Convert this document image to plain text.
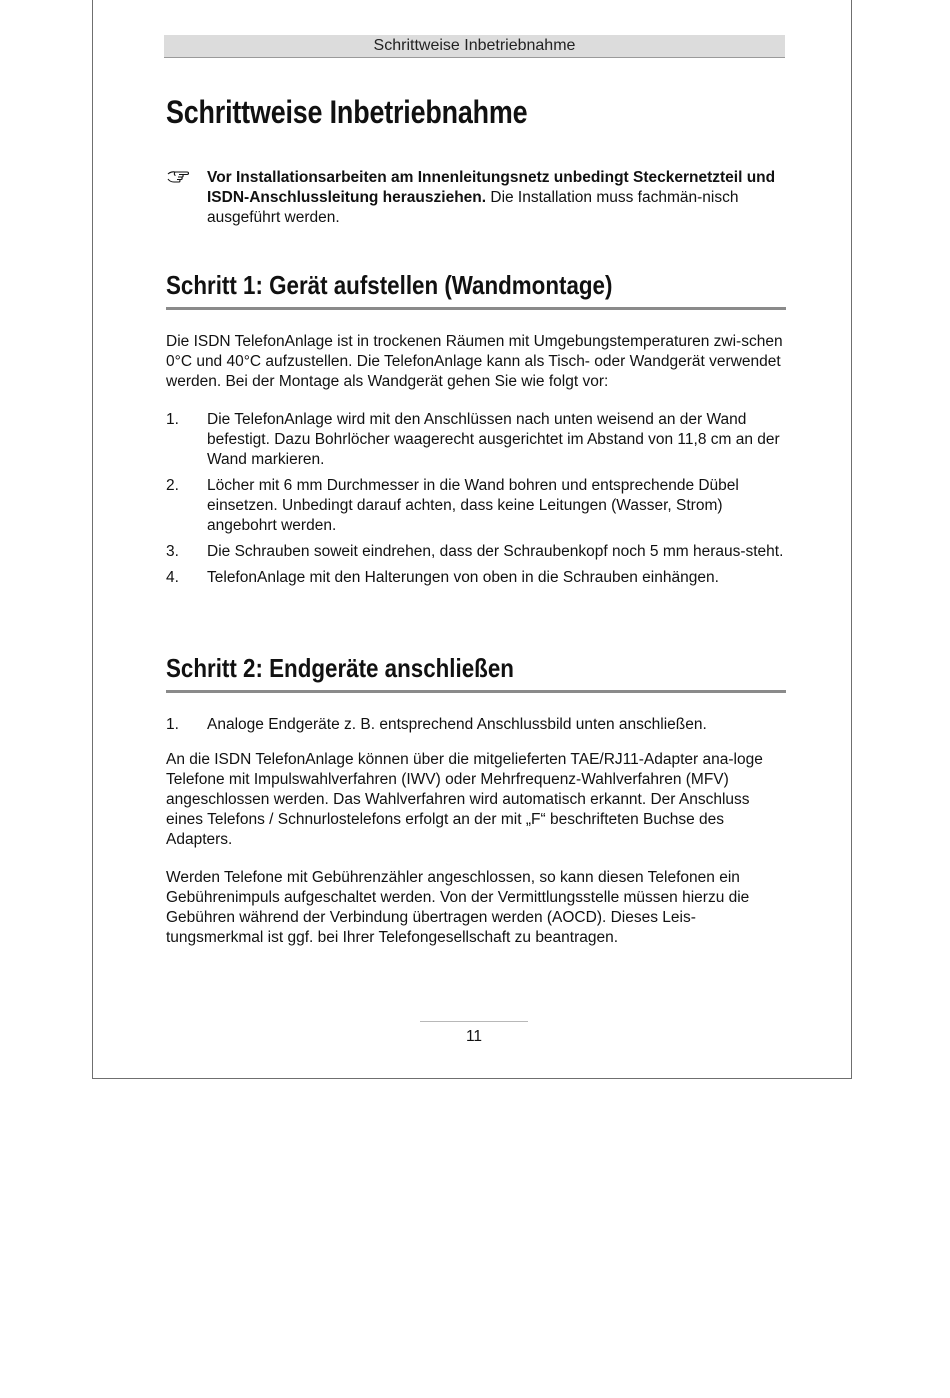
Schrittweise Inbetriebnahme
Schrittweise Inbetriebnahme
Vor Installationsarbeiten am Innenleitungsnetz unbedingt Steckernetzteil und ISDN-Anschlussleitung herausziehen. Die Installation muss fachmän-nisch ausgeführt werden.
Schritt 1: Gerät aufstellen (Wandmontage)

Die ISDN TelefonAnlage ist in trockenen Räumen mit Umgebungstemperaturen zwi-schen 0°C und 40°C aufzustellen. Die TelefonAnlage kann als Tisch- oder Wandgerät verwendet werden. Bei der Montage als Wandgerät gehen Sie wie folgt vor:

1. Die TelefonAnlage wird mit den Anschlüssen nach unten weisend an der Wand befestigt. Dazu Bohrlöcher waagerecht ausgerichtet im Abstand von 11,8 cm an der Wand markieren.
2. Löcher mit 6 mm Durchmesser in die Wand bohren und entsprechende Dübel einsetzen. Unbedingt darauf achten, dass keine Leitungen (Wasser, Strom) angebohrt werden.
3. Die Schrauben soweit eindrehen, dass der Schraubenkopf noch 5 mm heraus-steht.
4. TelefonAnlage mit den Halterungen von oben in die Schrauben einhängen.
Schritt 2: Endgeräte anschließen
1. Analoge Endgeräte z. B. entsprechend Anschlussbild unten anschließen.

An die ISDN TelefonAnlage können über die mitgelieferten TAE/RJ11-Adapter ana-loge Telefone mit Impulswahlverfahren (IWV) oder Mehrfrequenz-Wahlverfahren (MFV) angeschlossen werden. Das Wahlverfahren wird automatisch erkannt. Der Anschluss eines Telefons / Schnurlostelefons erfolgt an der mit „F“ beschrifteten Buchse des Adapters.

Werden Telefone mit Gebührenzähler angeschlossen, so kann diesen Telefonen ein Gebührenimpuls aufgeschaltet werden. Von der Vermittlungsstelle müssen hierzu die Gebühren während der Verbindung übertragen werden (AOCD). Dieses Leis-tungsmerkmal ist ggf. bei Ihrer Telefongesellschaft zu beantragen.

11
